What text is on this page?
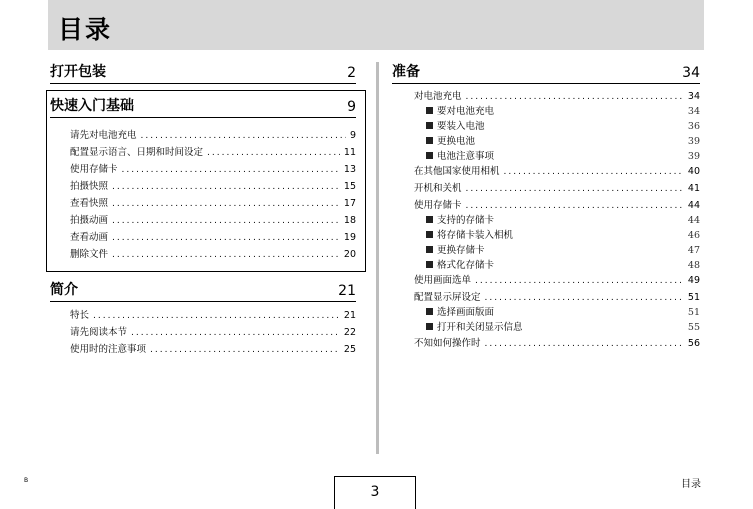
目录
打开包装	2
快速入门基础	9
请先对电池充电 .....	9
配置显示语言、日期和时间设定 .....	11
使用存储卡 .....	13
拍摄快照 .....	15
查看快照 .....	17
拍摄动画 .....	18
查看动画 .....	19
删除文件 .....	20
简介	21
特长 .....	21
请先阅读本节 .....	22
使用时的注意事项 .....	25
准备	34
对电池充电 .....	34
要对电池充电	34
要装入电池	36
更换电池	39
电池注意事项	39
在其他国家使用相机 .....	40
开机和关机 .....	41
使用存储卡 .....	44
支持的存储卡	44
将存储卡装入相机	46
更换存储卡	47
格式化存储卡	48
使用画面选单 .....	49
配置显示屏设定 .....	51
选择画面版面	51
打开和关闭显示信息	55
不知如何操作时 .....	56
B
3	目录
